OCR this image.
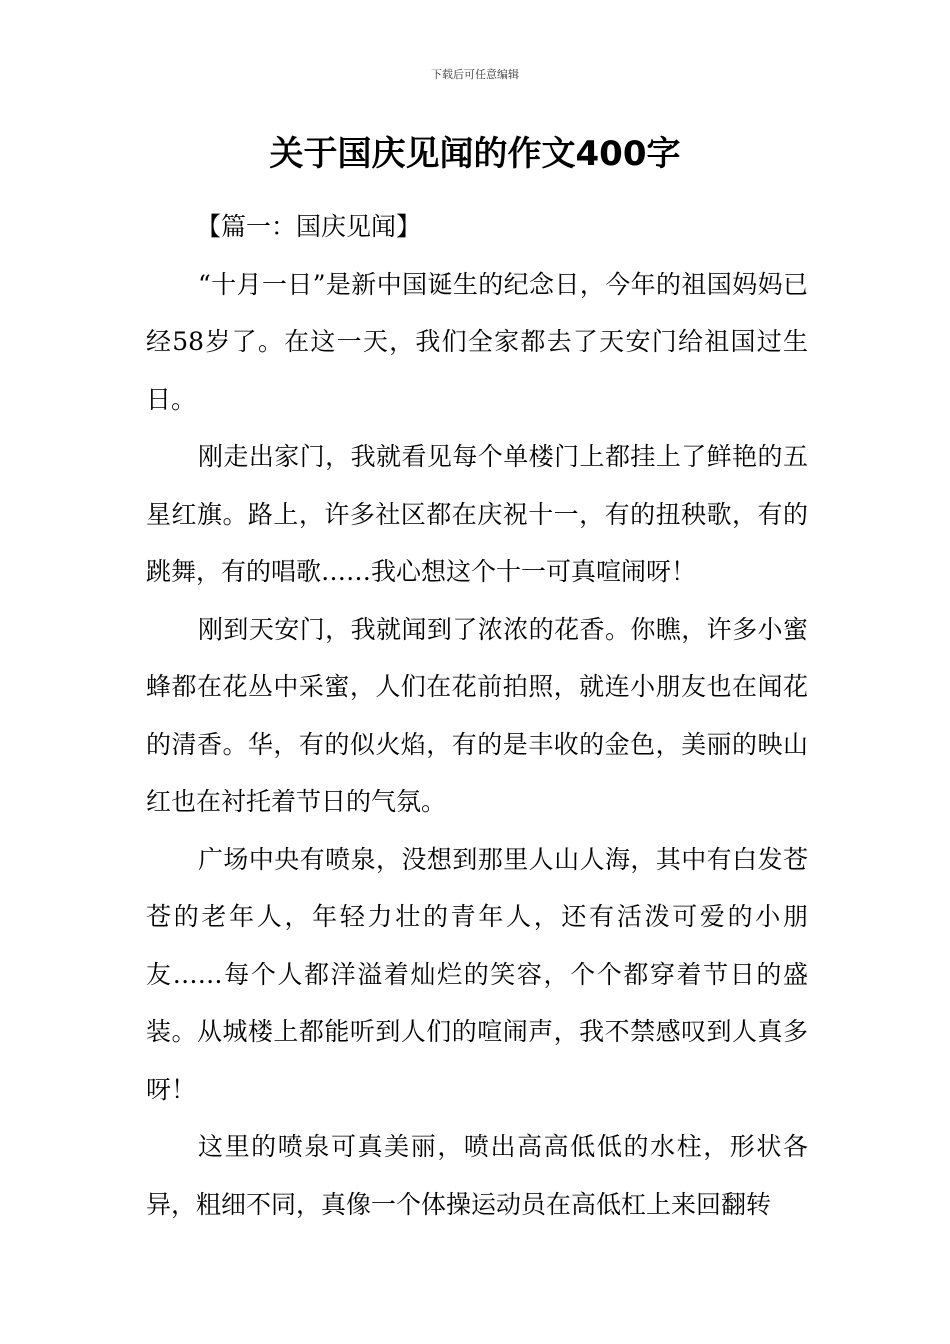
下载后可任意编辑
关于国庆见闻的作文400字

【篇一：国庆见闻】

“十月一日”是新中国诞生的纪念日，今年的祖国妈妈已经58岁了。在这一天，我们全家都去了天安门给祖国过生日。

刚走出家门，我就看见每个单楼门上都挂上了鲜艳的五星红旗。路上，许多社区都在庆祝十一，有的扭秧歌，有的跳舞，有的唱歌……我心想这个十一可真喧闹呀！

刚到天安门，我就闻到了浓浓的花香。你瞧，许多小蜜蜂都在花丛中采蜜，人们在花前拍照，就连小朋友也在闻花的清香。华，有的似火焰，有的是丰收的金色，美丽的映山红也在衬托着节日的气氛。

广场中央有喷泉，没想到那里人山人海，其中有白发苍苍的老年人，年轻力壮的青年人，还有活泼可爱的小朋友……每个人都洋溢着灿烂的笑容，个个都穿着节日的盛装。从城楼上都能听到人们的喧闹声，我不禁感叹到人真多呀！

这里的喷泉可真美丽，喷出高高低低的水柱，形状各异，粗细不同，真像一个体操运动员在高低杠上来回翻转
